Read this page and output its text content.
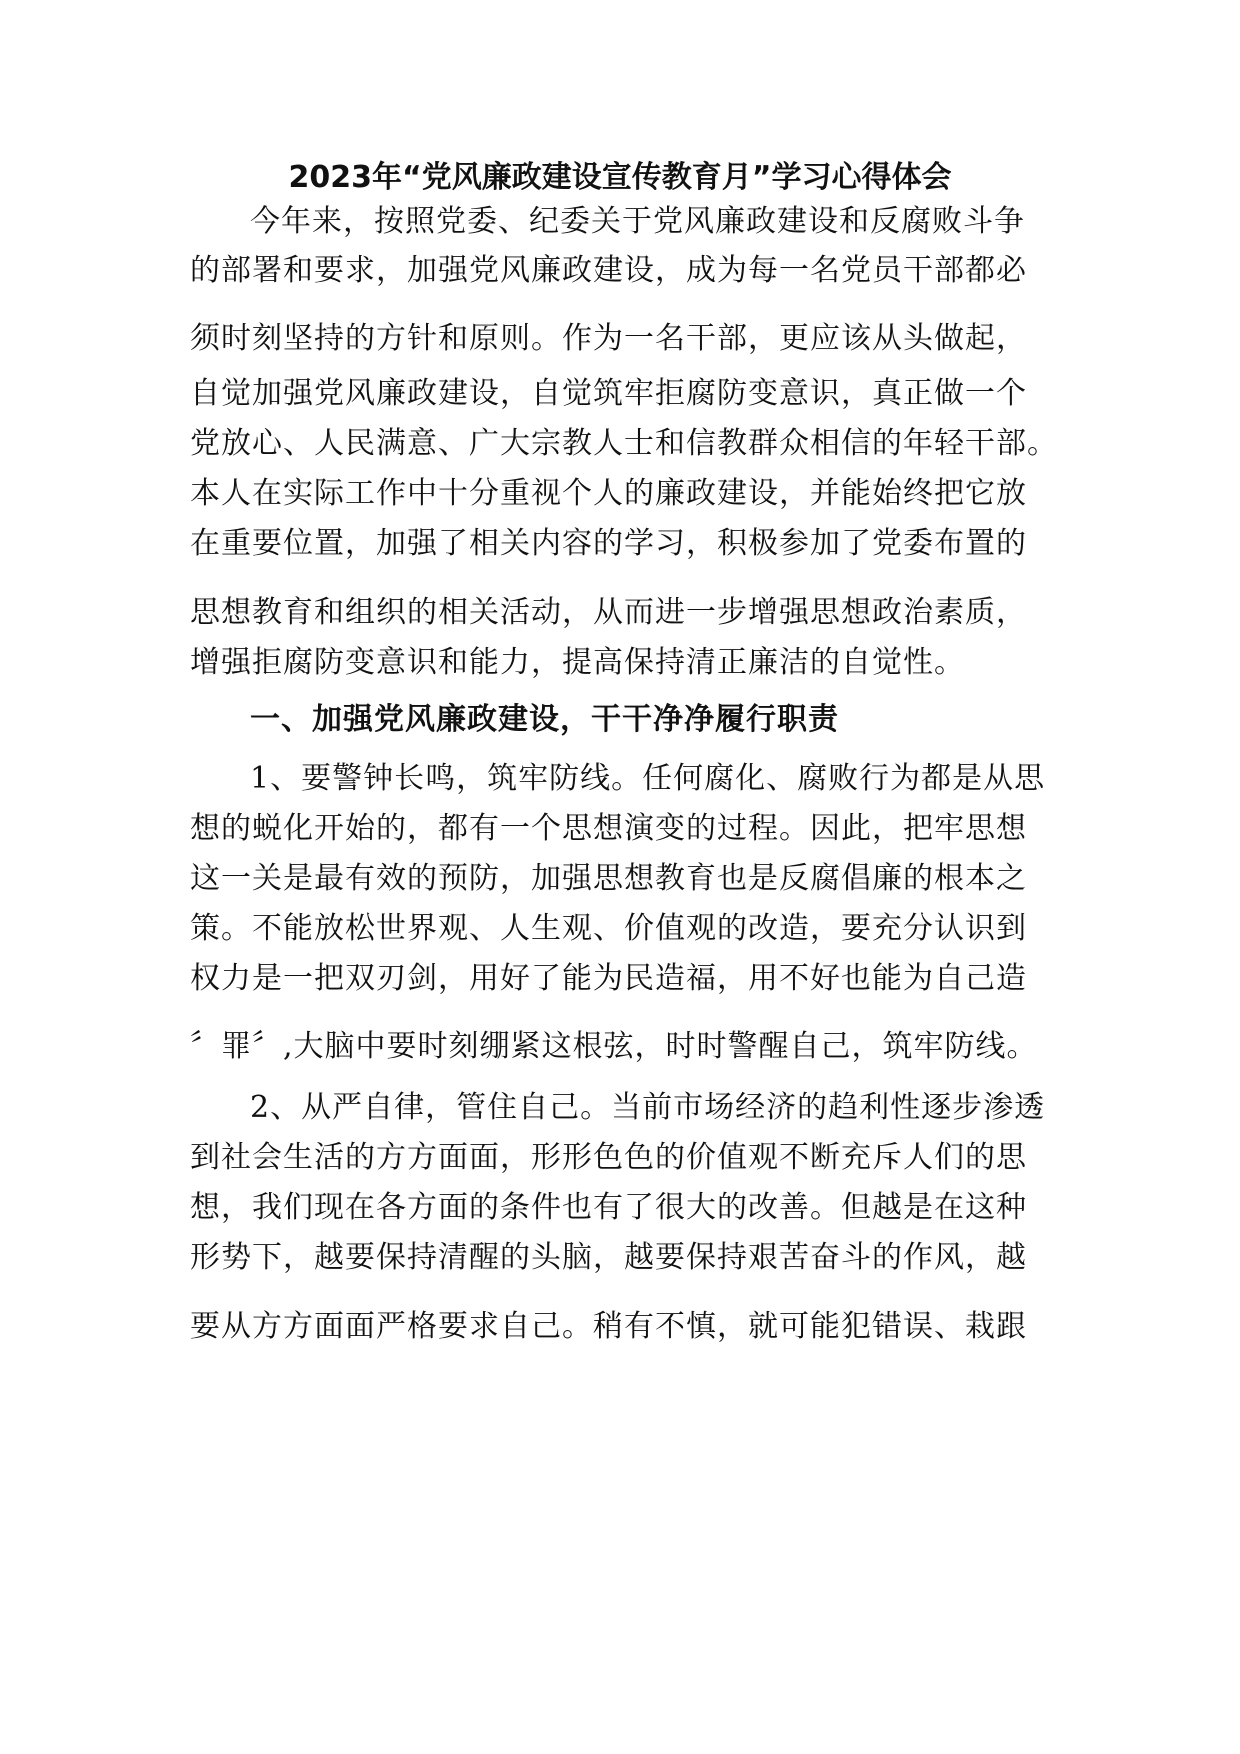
2023年“党风廉政建设宣传教育月”学习心得体会
今年来，按照党委、纪委关于党风廉政建设和反腐败斗争
的部署和要求，加强党风廉政建设，成为每一名党员干部都必
须时刻坚持的方针和原则。作为一名干部，更应该从头做起，
自觉加强党风廉政建设，自觉筑牢拒腐防变意识，真正做一个
党放心、人民满意、广大宗教人士和信教群众相信的年轻干部。
本人在实际工作中十分重视个人的廉政建设，并能始终把它放
在重要位置，加强了相关内容的学习，积极参加了党委布置的
思想教育和组织的相关活动，从而进一步增强思想政治素质，
增强拒腐防变意识和能力，提高保持清正廉洁的自觉性。
一、加强党风廉政建设，干干净净履行职责
1、要警钟长鸣，筑牢防线。任何腐化、腐败行为都是从思
想的蜕化开始的，都有一个思想演变的过程。因此，把牢思想
这一关是最有效的预防，加强思想教育也是反腐倡廉的根本之
策。不能放松世界观、人生观、价值观的改造，要充分认识到
权力是一把双刃剑，用好了能为民造福，用不好也能为自己造
〞罪〞,大脑中要时刻绷紧这根弦，时时警醒自己，筑牢防线。
2、从严自律，管住自己。当前市场经济的趋利性逐步渗透
到社会生活的方方面面，形形色色的价值观不断充斥人们的思
想，我们现在各方面的条件也有了很大的改善。但越是在这种
形势下，越要保持清醒的头脑，越要保持艰苦奋斗的作风，越
要从方方面面严格要求自己。稍有不慎，就可能犯错误、栽跟
